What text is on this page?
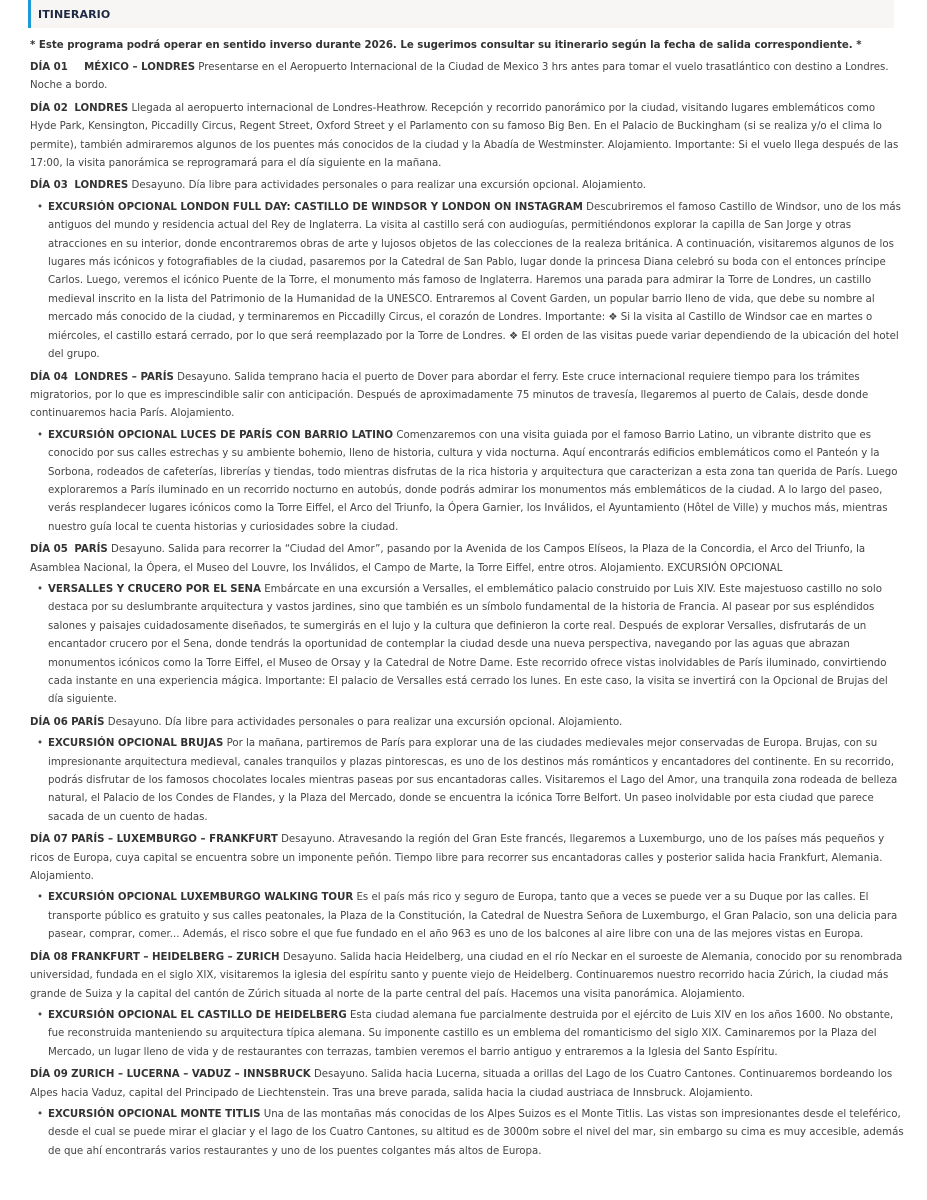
ITINERARIO
* Este programa podrá operar en sentido inverso durante 2026. Le sugerimos consultar su itinerario según la fecha de salida correspondiente. *
DÍA 01 MÉXICO – LONDRES Presentarse en el Aeropuerto Internacional de la Ciudad de Mexico 3 hrs antes para tomar el vuelo trasatlántico con destino a Londres. Noche a bordo.
DÍA 02 LONDRES Llegada al aeropuerto internacional de Londres-Heathrow. Recepción y recorrido panorámico por la ciudad, visitando lugares emblemáticos como Hyde Park, Kensington, Piccadilly Circus, Regent Street, Oxford Street y el Parlamento con su famoso Big Ben. En el Palacio de Buckingham (si se realiza y/o el clima lo permite), también admiraremos algunos de los puentes más conocidos de la ciudad y la Abadía de Westminster. Alojamiento. Importante: Si el vuelo llega después de las 17:00, la visita panorámica se reprogramará para el día siguiente en la mañana.
DÍA 03 LONDRES Desayuno. Día libre para actividades personales o para realizar una excursión opcional. Alojamiento.
• EXCURSIÓN OPCIONAL LONDON FULL DAY: CASTILLO DE WINDSOR Y LONDON ON INSTAGRAM Descubriremos el famoso Castillo de Windsor, uno de los más antiguos del mundo y residencia actual del Rey de Inglaterra. La visita al castillo será con audioguías, permitiéndonos explorar la capilla de San Jorge y otras atracciones en su interior, donde encontraremos obras de arte y lujosos objetos de las colecciones de la realeza británica. A continuación, visitaremos algunos de los lugares más icónicos y fotografiables de la ciudad, pasaremos por la Catedral de San Pablo, lugar donde la princesa Diana celebró su boda con el entonces príncipe Carlos. Luego, veremos el icónico Puente de la Torre, el monumento más famoso de Inglaterra. Haremos una parada para admirar la Torre de Londres, un castillo medieval inscrito en la lista del Patrimonio de la Humanidad de la UNESCO. Entraremos al Covent Garden, un popular barrio lleno de vida, que debe su nombre al mercado más conocido de la ciudad, y terminaremos en Piccadilly Circus, el corazón de Londres. Importante: ❖ Si la visita al Castillo de Windsor cae en martes o miércoles, el castillo estará cerrado, por lo que será reemplazado por la Torre de Londres. ❖ El orden de las visitas puede variar dependiendo de la ubicación del hotel del grupo.
DÍA 04 LONDRES – PARÍS Desayuno. Salida temprano hacia el puerto de Dover para abordar el ferry. Este cruce internacional requiere tiempo para los trámites migratorios, por lo que es imprescindible salir con anticipación. Después de aproximadamente 75 minutos de travesía, llegaremos al puerto de Calais, desde donde continuaremos hacia París. Alojamiento.
• EXCURSIÓN OPCIONAL LUCES DE PARÍS CON BARRIO LATINO Comenzaremos con una visita guiada por el famoso Barrio Latino, un vibrante distrito que es conocido por sus calles estrechas y su ambiente bohemio, lleno de historia, cultura y vida nocturna. Aquí encontrarás edificios emblemáticos como el Panteón y la Sorbona, rodeados de cafeterías, librerías y tiendas, todo mientras disfrutas de la rica historia y arquitectura que caracterizan a esta zona tan querida de París. Luego exploraremos a París iluminado en un recorrido nocturno en autobús, donde podrás admirar los monumentos más emblemáticos de la ciudad. A lo largo del paseo, verás resplandecer lugares icónicos como la Torre Eiffel, el Arco del Triunfo, la Ópera Garnier, los Inválidos, el Ayuntamiento (Hôtel de Ville) y muchos más, mientras nuestro guía local te cuenta historias y curiosidades sobre la ciudad.
DÍA 05 PARÍS Desayuno. Salida para recorrer la “Ciudad del Amor”, pasando por la Avenida de los Campos Elíseos, la Plaza de la Concordia, el Arco del Triunfo, la Asamblea Nacional, la Ópera, el Museo del Louvre, los Inválidos, el Campo de Marte, la Torre Eiffel, entre otros. Alojamiento. EXCURSIÓN OPCIONAL
• VERSALLES Y CRUCERO POR EL SENA Embárcate en una excursión a Versalles, el emblemático palacio construido por Luis XIV. Este majestuoso castillo no solo destaca por su deslumbrante arquitectura y vastos jardines, sino que también es un símbolo fundamental de la historia de Francia. Al pasear por sus espléndidos salones y paisajes cuidadosamente diseñados, te sumergirás en el lujo y la cultura que definieron la corte real. Después de explorar Versalles, disfrutarás de un encantador crucero por el Sena, donde tendrás la oportunidad de contemplar la ciudad desde una nueva perspectiva, navegando por las aguas que abrazan monumentos icónicos como la Torre Eiffel, el Museo de Orsay y la Catedral de Notre Dame. Este recorrido ofrece vistas inolvidables de París iluminado, convirtiendo cada instante en una experiencia mágica. Importante: El palacio de Versalles está cerrado los lunes. En este caso, la visita se invertirá con la Opcional de Brujas del día siguiente.
DÍA 06 PARÍS Desayuno. Día libre para actividades personales o para realizar una excursión opcional. Alojamiento.
• EXCURSIÓN OPCIONAL BRUJAS Por la mañana, partiremos de París para explorar una de las ciudades medievales mejor conservadas de Europa. Brujas, con su impresionante arquitectura medieval, canales tranquilos y plazas pintorescas, es uno de los destinos más románticos y encantadores del continente. En su recorrido, podrás disfrutar de los famosos chocolates locales mientras paseas por sus encantadoras calles. Visitaremos el Lago del Amor, una tranquila zona rodeada de belleza natural, el Palacio de los Condes de Flandes, y la Plaza del Mercado, donde se encuentra la icónica Torre Belfort. Un paseo inolvidable por esta ciudad que parece sacada de un cuento de hadas.
DÍA 07 PARÍS – LUXEMBURGO – FRANKFURT Desayuno. Atravesando la región del Gran Este francés, llegaremos a Luxemburgo, uno de los países más pequeños y ricos de Europa, cuya capital se encuentra sobre un imponente peñón. Tiempo libre para recorrer sus encantadoras calles y posterior salida hacia Frankfurt, Alemania. Alojamiento.
• EXCURSIÓN OPCIONAL LUXEMBURGO WALKING TOUR Es el país más rico y seguro de Europa, tanto que a veces se puede ver a su Duque por las calles. El transporte público es gratuito y sus calles peatonales, la Plaza de la Constitución, la Catedral de Nuestra Señora de Luxemburgo, el Gran Palacio, son una delicia para pasear, comprar, comer... Además, el risco sobre el que fue fundado en el año 963 es uno de los balcones al aire libre con una de las mejores vistas en Europa.
DÍA 08 FRANKFURT – HEIDELBERG – ZURICH Desayuno. Salida hacia Heidelberg, una ciudad en el río Neckar en el suroeste de Alemania, conocido por su renombrada universidad, fundada en el siglo XIX, visitaremos la iglesia del espíritu santo y puente viejo de Heidelberg. Continuaremos nuestro recorrido hacia Zúrich, la ciudad más grande de Suiza y la capital del cantón de Zúrich situada al norte de la parte central del país. Hacemos una visita panorámica. Alojamiento.
• EXCURSIÓN OPCIONAL EL CASTILLO DE HEIDELBERG Esta ciudad alemana fue parcialmente destruida por el ejército de Luis XIV en los años 1600. No obstante, fue reconstruida manteniendo su arquitectura típica alemana. Su imponente castillo es un emblema del romanticismo del siglo XIX. Caminaremos por la Plaza del Mercado, un lugar lleno de vida y de restaurantes con terrazas, tambien veremos el barrio antiguo y entraremos a la Iglesia del Santo Espíritu.
DÍA 09 ZURICH – LUCERNA – VADUZ – INNSBRUCK Desayuno. Salida hacia Lucerna, situada a orillas del Lago de los Cuatro Cantones. Continuaremos bordeando los Alpes hacia Vaduz, capital del Principado de Liechtenstein. Tras una breve parada, salida hacia la ciudad austriaca de Innsbruck. Alojamiento.
• EXCURSIÓN OPCIONAL MONTE TITLIS Una de las montañas más conocidas de los Alpes Suizos es el Monte Titlis. Las vistas son impresionantes desde el teleférico, desde el cual se puede mirar el glaciar y el lago de los Cuatro Cantones, su altitud es de 3000m sobre el nivel del mar, sin embargo su cima es muy accesible, además de que ahí encontrarás varios restaurantes y uno de los puentes colgantes más altos de Europa.
